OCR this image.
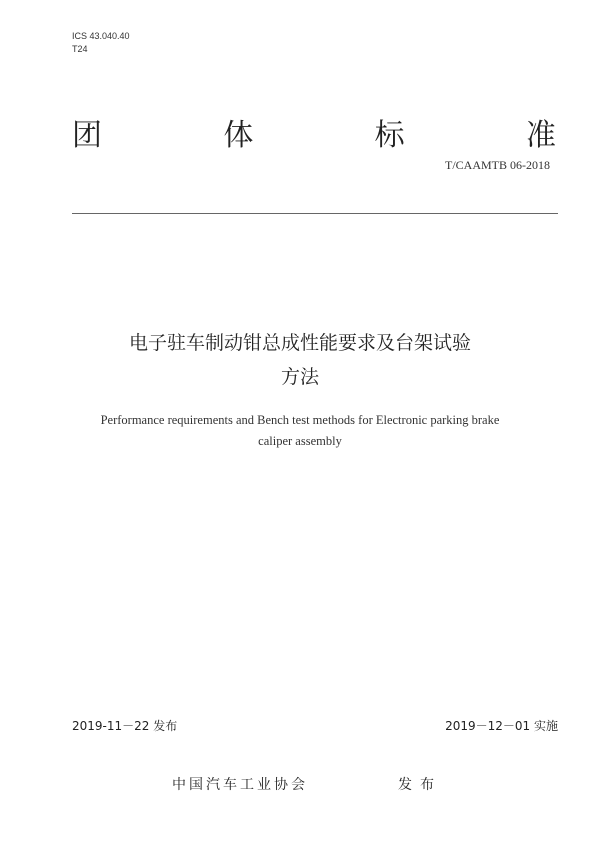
ICS 43.040.40
T24
团	体	标	准
T/CAAMTB 06-2018
电子驻车制动钳总成性能要求及台架试验
方法
Performance requirements and Bench test methods for Electronic parking brake
caliper assembly
2019-11－22 发布	2019－12－01 实施
中国汽车工业协会	发布
